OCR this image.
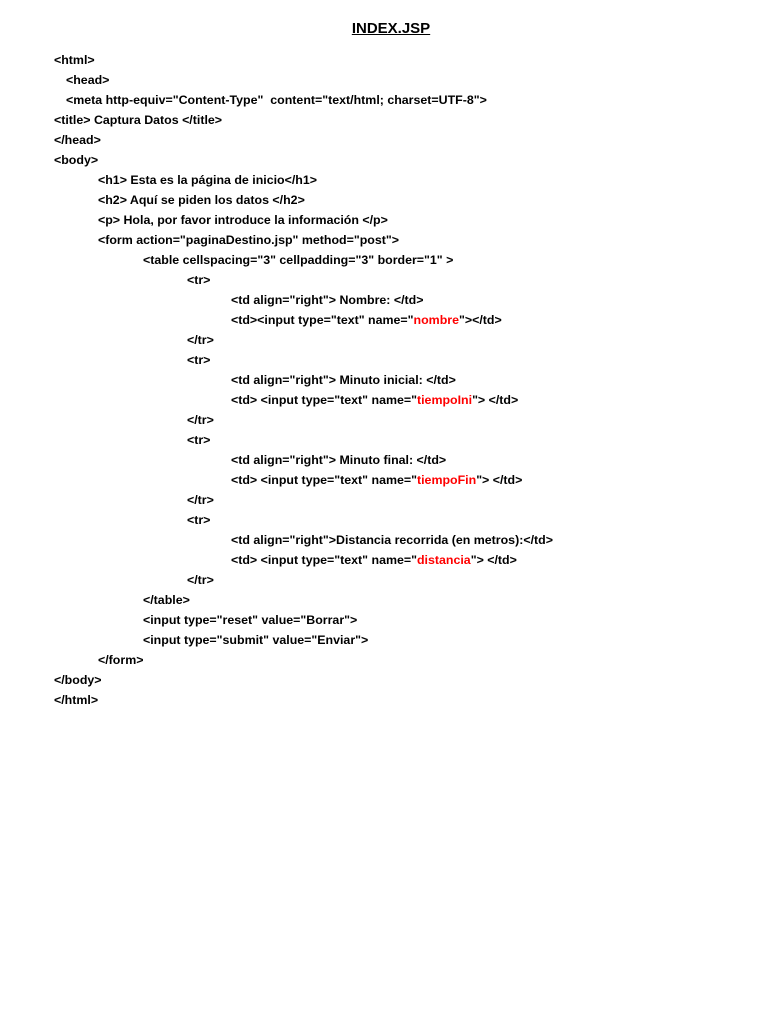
INDEX.JSP
<html>
<head>
<meta http-equiv="Content-Type"  content="text/html; charset=UTF-8">
<title> Captura Datos </title>
</head>
<body>
<h1> Esta es la página de inicio</h1>
<h2> Aquí se piden los datos </h2>
<p> Hola, por favor introduce la información </p>
<form action="paginaDestino.jsp" method="post">
<table cellspacing="3" cellpadding="3" border="1" >
<tr>
<td align="right"> Nombre: </td>
<td><input type="text" name="nombre"></td>
</tr>
<tr>
<td align="right"> Minuto inicial: </td>
<td> <input type="text" name="tiempoIni"> </td>
</tr>
<tr>
<td align="right"> Minuto final: </td>
<td> <input type="text" name="tiempoFin"> </td>
</tr>
<tr>
<td align="right">Distancia recorrida (en metros):</td>
<td> <input type="text" name="distancia"> </td>
</tr>
</table>
<input type="reset" value="Borrar">
<input type="submit" value="Enviar">
</form>
</body>
</html>
